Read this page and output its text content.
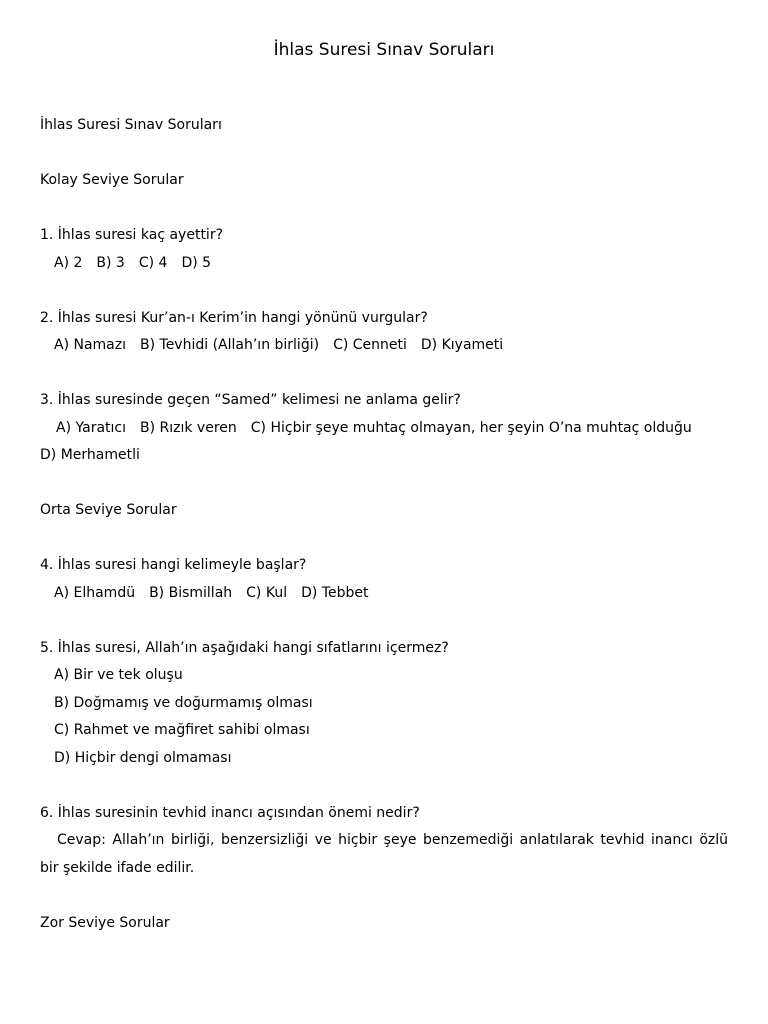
İhlas Suresi Sınav Soruları
İhlas Suresi Sınav Soruları
Kolay Seviye Sorular
1. İhlas suresi kaç ayettir?
A) 2 B) 3 C) 4 D) 5
2. İhlas suresi Kur’an-ı Kerim’in hangi yönünü vurgular?
A) Namazı B) Tevhidi (Allah’ın birliği) C) Cenneti D) Kıyameti
3. İhlas suresinde geçen “Samed” kelimesi ne anlama gelir?
A) Yaratıcı B) Rızık veren C) Hiçbir şeye muhtaç olmayan, her şeyin O’na muhtaç olduğu
D) Merhametli
Orta Seviye Sorular
4. İhlas suresi hangi kelimeyle başlar?
A) Elhamdü B) Bismillah C) Kul D) Tebbet
5. İhlas suresi, Allah’ın aşağıdaki hangi sıfatlarını içermez?
A) Bir ve tek oluşu
B) Doğmamış ve doğurmamış olması
C) Rahmet ve mağfiret sahibi olması
D) Hiçbir dengi olmaması
6. İhlas suresinin tevhid inancı açısından önemi nedir?
Cevap: Allah’ın birliği, benzersizliği ve hiçbir şeye benzemediği anlatılarak tevhid inancı özlü bir şekilde ifade edilir.
Zor Seviye Sorular
